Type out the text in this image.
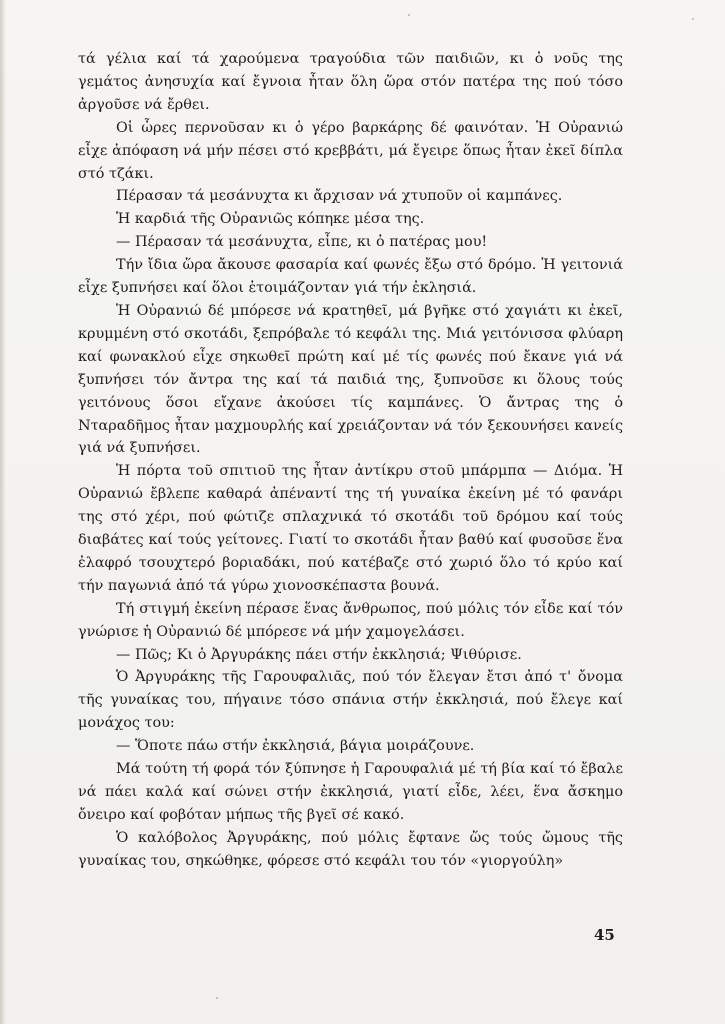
τά γέλια καί τά χαρούμενα τραγούδια τῶν παιδιῶν, κι ὁ νοῦς της γεμάτος ἀνησυχία καί ἔγνοια ἦταν ὅλη ὥρα στόν πατέρα της πού τόσο ἀργοῦσε νά ἔρθει.

Οἱ ὧρες περνοῦσαν κι ὁ γέρο βαρκάρης δέ φαινόταν. Ἡ Οὐρανιώ εἶχε ἀπόφαση νά μήν πέσει στό κρεββάτι, μά ἔγειρε ὅπως ἦταν ἐκεῖ δίπλα στό τζάκι.

Πέρασαν τά μεσάνυχτα κι ἄρχισαν νά χτυποῦν οἱ καμπάνες.

Ἡ καρδιά τῆς Οὐρανιῶς κόπηκε μέσα της.

— Πέρασαν τά μεσάνυχτα, εἶπε, κι ὁ πατέρας μου!

Τήν ἴδια ὥρα ἄκουσε φασαρία καί φωνές ἔξω στό δρόμο. Ἡ γειτονιά εἶχε ξυπνήσει καί ὅλοι ἑτοιμάζονταν γιά τήν ἐκλησιά.

Ἡ Οὐρανιώ δέ μπόρεσε νά κρατηθεῖ, μά βγῆκε στό χαγιάτι κι ἐκεῖ, κρυμμένη στό σκοτάδι, ξεπρόβαλε τό κεφάλι της. Μιά γειτόνισσα φλύαρη καί φωνακλού εἶχε σηκωθεῖ πρώτη καί μέ τίς φωνές πού ἔκανε γιά νά ξυπνήσει τόν ἄντρα της καί τά παιδιά της, ξυπνοῦσε κι ὅλους τούς γειτόνους ὅσοι εἴχανε ἀκούσει τίς καμπάνες. Ὁ ἄντρας της ὁ Νταραδῆμος ἦταν μαχμουρλής καί χρειάζονταν νά τόν ξεκουνήσει κανείς γιά νά ξυπνήσει.

Ἡ πόρτα τοῦ σπιτιοῦ της ἦταν ἀντίκρυ στοῦ μπάρμπα — Διόμα. Ἡ Οὐρανιώ ἔβλεπε καθαρά ἀπέναντί της τή γυναίκα ἐκείνη μέ τό φανάρι της στό χέρι, πού φώτιζε σπλαχνικά τό σκοτάδι τοῦ δρόμου καί τούς διαβάτες καί τούς γείτονες. Γιατί το σκοτάδι ἦταν βαθύ καί φυσοῦσε ἕνα ἐλαφρό τσουχτερό βοριαδάκι, πού κατέβαζε στό χωριό ὅλο τό κρύο καί τήν παγωνιά ἀπό τά γύρω χιονοσκέπαστα βουνά.

Τή στιγμή ἐκείνη πέρασε ἕνας ἄνθρωπος, πού μόλις τόν εἶδε καί τόν γνώρισε ἡ Οὐρανιώ δέ μπόρεσε νά μήν χαμογελάσει.

— Πῶς; Κι ὁ Ἀργυράκης πάει στήν ἐκκλησιά; Ψιθύρισε.

Ὁ Ἀργυράκης τῆς Γαρουφαλιᾶς, πού τόν ἔλεγαν ἔτσι ἀπό τ' ὄνομα τῆς γυναίκας του, πήγαινε τόσο σπάνια στήν ἐκκλησιά, πού ἔλεγε καί μονάχος του:

— Ὅποτε πάω στήν ἐκκλησιά, βάγια μοιράζουνε.

Μά τούτη τή φορά τόν ξύπνησε ἡ Γαρουφαλιά μέ τή βία καί τό ἔβαλε νά πάει καλά καί σώνει στήν ἐκκλησιά, γιατί εἶδε, λέει, ἕνα ἄσκημο ὄνειρο καί φοβόταν μήπως τῆς βγεῖ σέ κακό.

Ὁ καλόβολος Ἀργυράκης, πού μόλις ἔφτανε ὥς τούς ὤμους τῆς γυναίκας του, σηκώθηκε, φόρεσε στό κεφάλι του τόν «γιοργούλη»

45
